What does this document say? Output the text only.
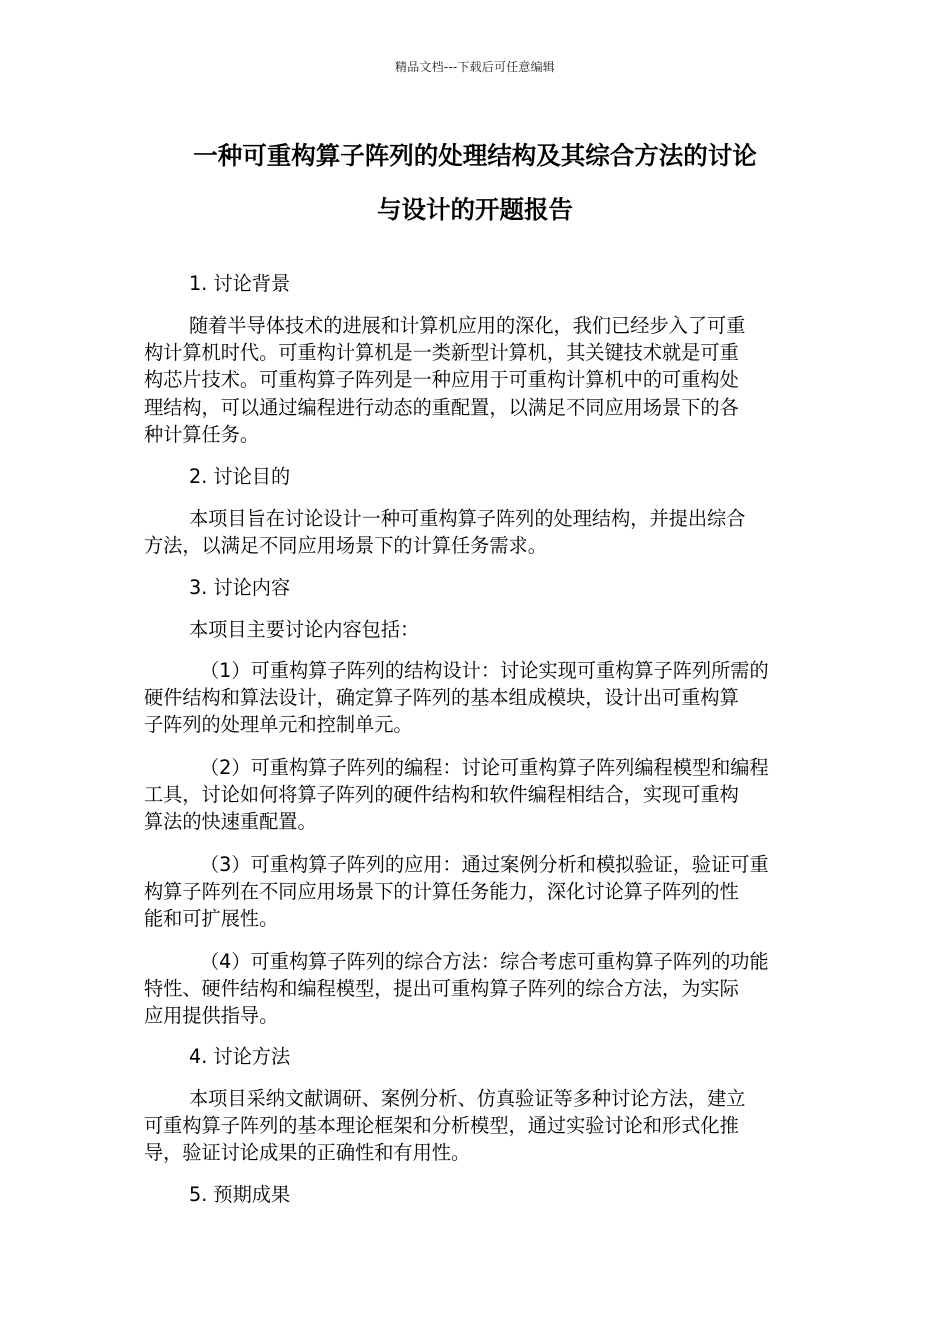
精品文档---下载后可任意编辑
一种可重构算子阵列的处理结构及其综合方法的讨论
与设计的开题报告
1. 讨论背景
随着半导体技术的进展和计算机应用的深化，我们已经步入了可重
构计算机时代。可重构计算机是一类新型计算机，其关键技术就是可重
构芯片技术。可重构算子阵列是一种应用于可重构计算机中的可重构处
理结构，可以通过编程进行动态的重配置，以满足不同应用场景下的各
种计算任务。
2. 讨论目的
本项目旨在讨论设计一种可重构算子阵列的处理结构，并提出综合
方法，以满足不同应用场景下的计算任务需求。
3. 讨论内容
本项目主要讨论内容包括：
（1）可重构算子阵列的结构设计：讨论实现可重构算子阵列所需的
硬件结构和算法设计，确定算子阵列的基本组成模块，设计出可重构算
子阵列的处理单元和控制单元。
（2）可重构算子阵列的编程：讨论可重构算子阵列编程模型和编程
工具，讨论如何将算子阵列的硬件结构和软件编程相结合，实现可重构
算法的快速重配置。
（3）可重构算子阵列的应用：通过案例分析和模拟验证，验证可重
构算子阵列在不同应用场景下的计算任务能力，深化讨论算子阵列的性
能和可扩展性。
（4）可重构算子阵列的综合方法：综合考虑可重构算子阵列的功能
特性、硬件结构和编程模型，提出可重构算子阵列的综合方法，为实际
应用提供指导。
4. 讨论方法
本项目采纳文献调研、案例分析、仿真验证等多种讨论方法，建立
可重构算子阵列的基本理论框架和分析模型，通过实验讨论和形式化推
导，验证讨论成果的正确性和有用性。
5. 预期成果
